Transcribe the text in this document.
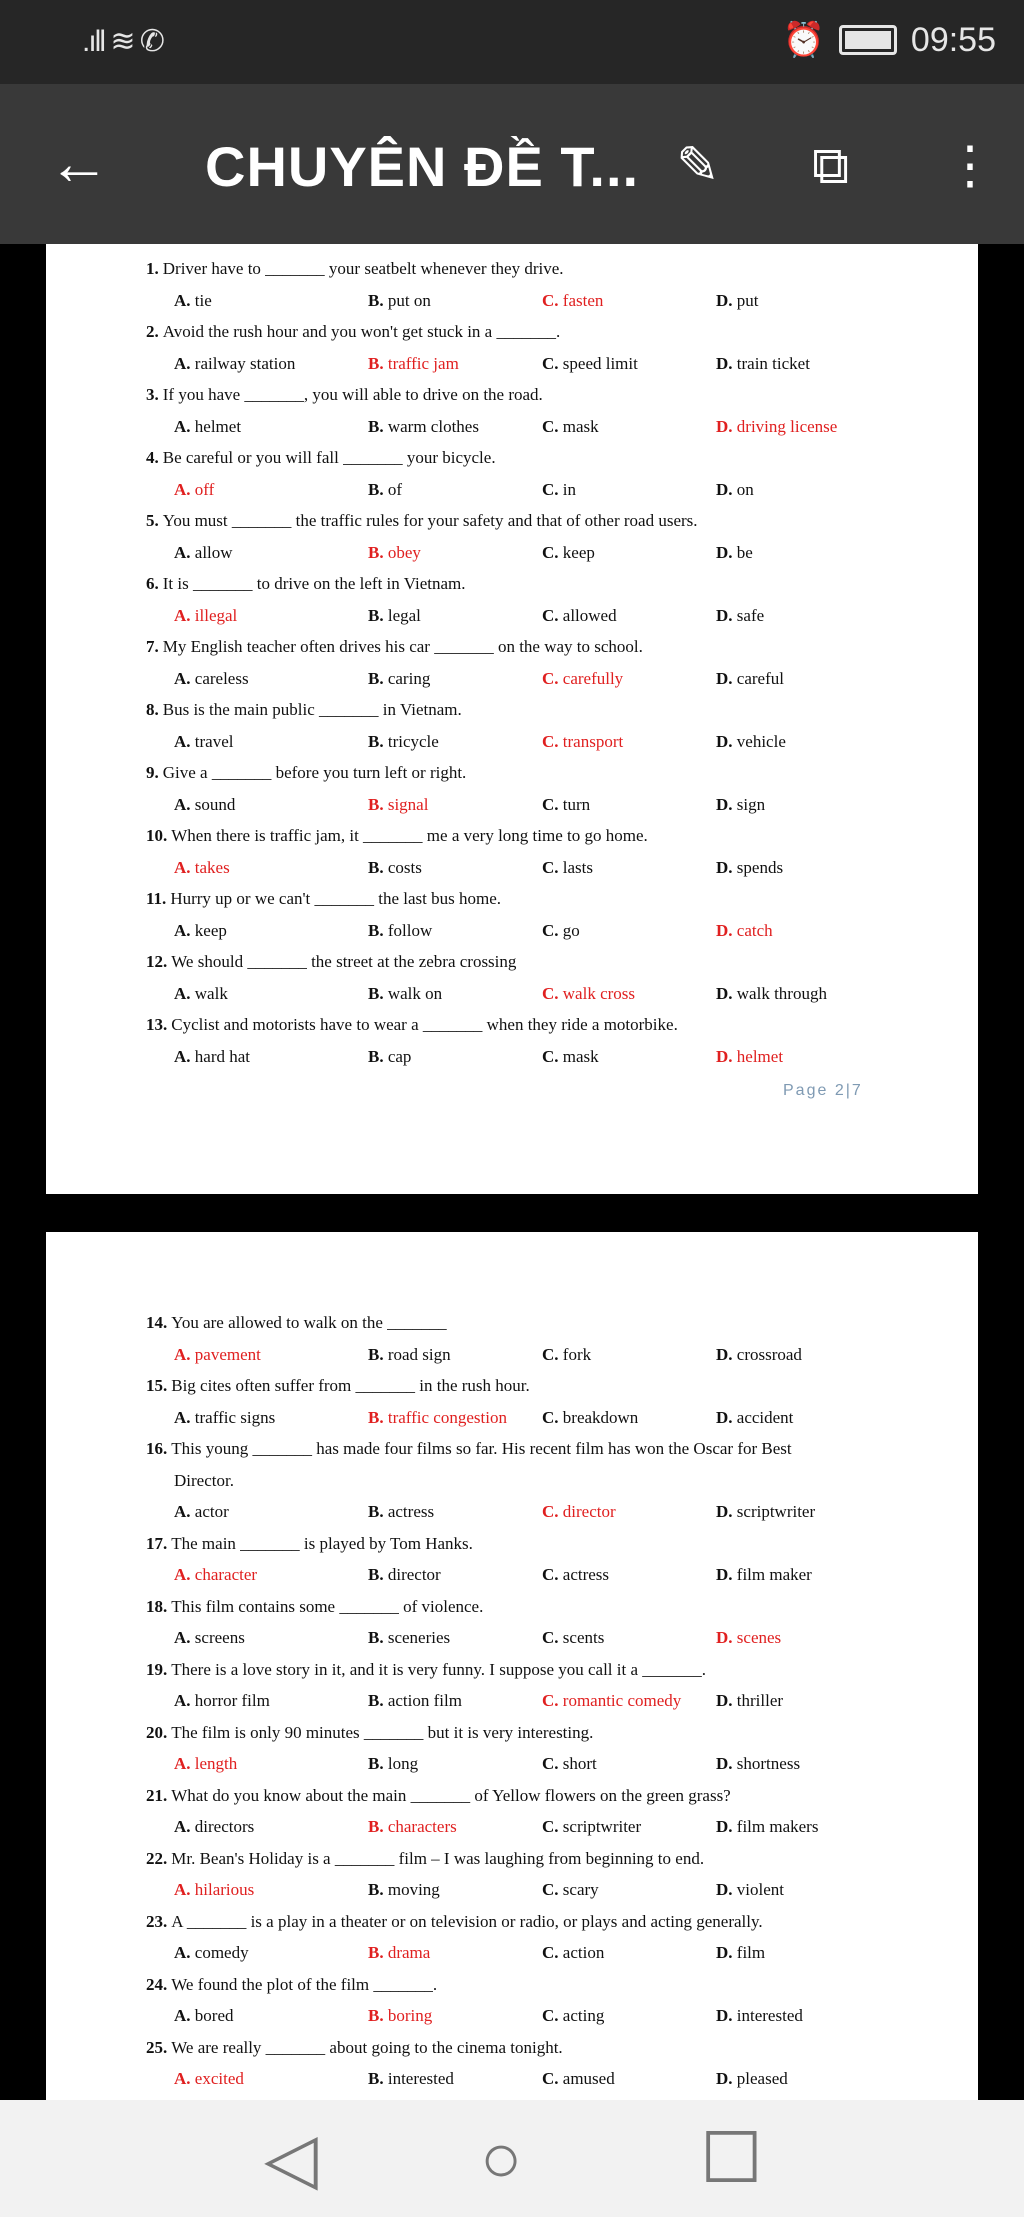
.ıll ≋ ✆	⏰	09:55
← CHUYÊN ĐỀ T... ✎ ⧉ ⋮
Page 2|7
1. Driver have to _______ your seatbelt whenever they drive.
A. tie	B. put on	C. fasten	D. put
2. Avoid the rush hour and you won't get stuck in a _______.
A. railway station	B. traffic jam	C. speed limit	D. train ticket
3. If you have _______, you will able to drive on the road.
A. helmet	B. warm clothes	C. mask	D. driving license
4. Be careful or you will fall _______ your bicycle.
A. off	B. of	C. in	D. on
5. You must _______ the traffic rules for your safety and that of other road users.
A. allow	B. obey	C. keep	D. be
6. It is _______ to drive on the left in Vietnam.
A. illegal	B. legal	C. allowed	D. safe
7. My English teacher often drives his car _______ on the way to school.
A. careless	B. caring	C. carefully	D. careful
8. Bus is the main public _______ in Vietnam.
A. travel	B. tricycle	C. transport	D. vehicle
9. Give a _______ before you turn left or right.
A. sound	B. signal	C. turn	D. sign
10. When there is traffic jam, it _______ me a very long time to go home.
A. takes	B. costs	C. lasts	D. spends
11. Hurry up or we can't _______ the last bus home.
A. keep	B. follow	C. go	D. catch
12. We should _______ the street at the zebra crossing
A. walk	B. walk on	C. walk cross	D. walk through
13. Cyclist and motorists have to wear a _______ when they ride a motorbike.
A. hard hat	B. cap	C. mask	D. helmet
14. You are allowed to walk on the _______
A. pavement	B. road sign	C. fork	D. crossroad
15. Big cites often suffer from _______ in the rush hour.
A. traffic signs	B. traffic congestion C. breakdown	D. accident
16. This young _______ has made four films so far. His recent film has won the Oscar for Best
Director.
A. actor	B. actress	C. director	D. scriptwriter
17. The main _______ is played by Tom Hanks.
A. character	B. director	C. actress	D. film maker
18. This film contains some _______ of violence.
A. screens	B. sceneries	C. scents	D. scenes
19. There is a love story in it, and it is very funny. I suppose you call it a _______.
A. horror film	B. action film	C. romantic comedy D. thriller
20. The film is only 90 minutes _______ but it is very interesting.
A. length	B. long	C. short	D. shortness
21. What do you know about the main _______ of Yellow flowers on the green grass?
A. directors	B. characters	C. scriptwriter	D. film makers
22. Mr. Bean's Holiday is a _______ film – I was laughing from beginning to end.
A. hilarious	B. moving	C. scary	D. violent
23. A _______ is a play in a theater or on television or radio, or plays and acting generally.
A. comedy	B. drama	C. action	D. film
24. We found the plot of the film _______.
A. bored	B. boring	C. acting	D. interested
25. We are really _______ about going to the cinema tonight.
A. excited	B. interested	C. amused	D. pleased
◁ ○	☐
